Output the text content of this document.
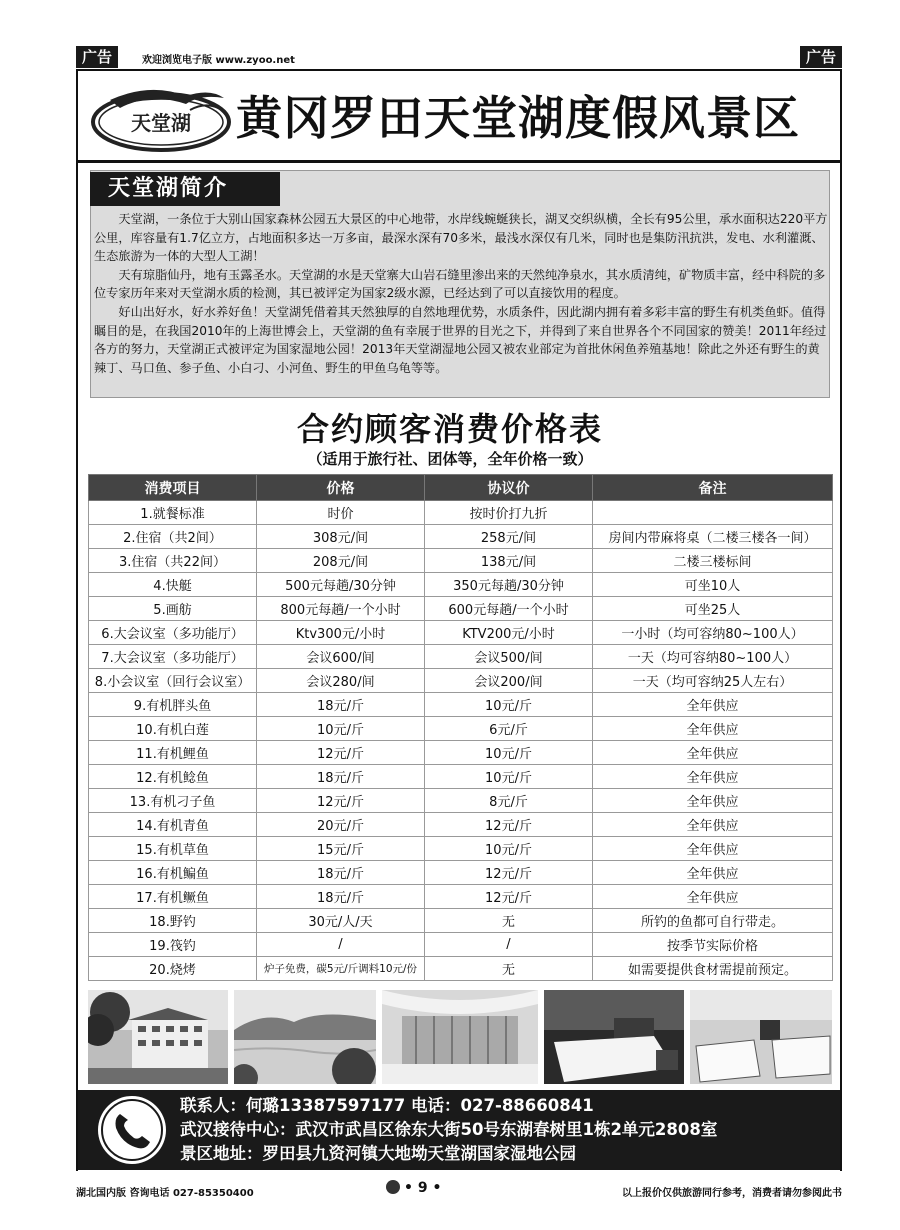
广告	欢迎浏览电子版 www.zyoo.net	广告
天堂湖 黄冈罗田天堂湖度假风景区
天堂湖简介

天堂湖，一条位于大别山国家森林公园五大景区的中心地带，水岸线蜿蜒狭长，湖叉交织纵横，全长有95公里，承水面积达220平方公里，库容量有1.7亿立方，占地面积多达一万多亩，最深水深有70多米，最浅水深仅有几米，同时也是集防汛抗洪，发电、水利灌溉、生态旅游为一体的大型人工湖！

天有琼脂仙丹，地有玉露圣水。天堂湖的水是天堂寨大山岩石缝里渗出来的天然纯净泉水，其水质清纯，矿物质丰富，经中科院的多位专家历年来对天堂湖水质的检测，其已被评定为国家2级水源，已经达到了可以直接饮用的程度。

好山出好水，好水养好鱼！天堂湖凭借着其天然独厚的自然地理优势，水质条件，因此湖内拥有着多彩丰富的野生有机类鱼虾。值得瞩目的是，在我国2010年的上海世博会上，天堂湖的鱼有幸展于世界的目光之下，并得到了来自世界各个不同国家的赞美！2011年经过各方的努力，天堂湖正式被评定为国家湿地公园！2013年天堂湖湿地公园又被农业部定为首批休闲鱼养殖基地！除此之外还有野生的黄辣丁、马口鱼、参子鱼、小白刁、小河鱼、野生的甲鱼乌龟等等。

合约顾客消费价格表
（适用于旅行社、团体等，全年价格一致）
消费项目	价格	协议价	备注
1.就餐标准	时价	按时价打九折	
2.住宿（共2间）	308元/间	258元/间	房间内带麻将桌（二楼三楼各一间）
3.住宿（共22间）	208元/间	138元/间	二楼三楼标间
4.快艇	500元每趟/30分钟	350元每趟/30分钟	可坐10人
5.画舫	800元每趟/一个小时	600元每趟/一个小时	可坐25人
6.大会议室（多功能厅）	Ktv300元/小时	KTV200元/小时	一小时（均可容纳80~100人）
7.大会议室（多功能厅）	会议600/间	会议500/间	一天（均可容纳80~100人）
8.小会议室（回行会议室）	会议280/间	会议200/间	一天（均可容纳25人左右）
9.有机胖头鱼	18元/斤	10元/斤	全年供应
10.有机白莲	10元/斤	6元/斤	全年供应
11.有机鲤鱼	12元/斤	10元/斤	全年供应
12.有机鲶鱼	18元/斤	10元/斤	全年供应
13.有机刁子鱼	12元/斤	8元/斤	全年供应
14.有机青鱼	20元/斤	12元/斤	全年供应
15.有机草鱼	15元/斤	10元/斤	全年供应
16.有机鳊鱼	18元/斤	12元/斤	全年供应
17.有机鳜鱼	18元/斤	12元/斤	全年供应
18.野钓	30元/人/天	无	所钓的鱼都可自行带走。
19.筏钓	/	/	按季节实际价格
20.烧烤	炉子免费，碳5元/斤调料10元/份	无	如需要提供食材需提前预定。
联系人：何璐13387597177 电话：027-88660841
武汉接待中心：武汉市武昌区徐东大街50号东湖春树里1栋2单元2808室
景区地址：罗田县九资河镇大地坳天堂湖国家湿地公园
湖北国内版 咨询电话 027-85350400	• 9 •	以上报价仅供旅游同行参考，消费者请勿参阅此书
